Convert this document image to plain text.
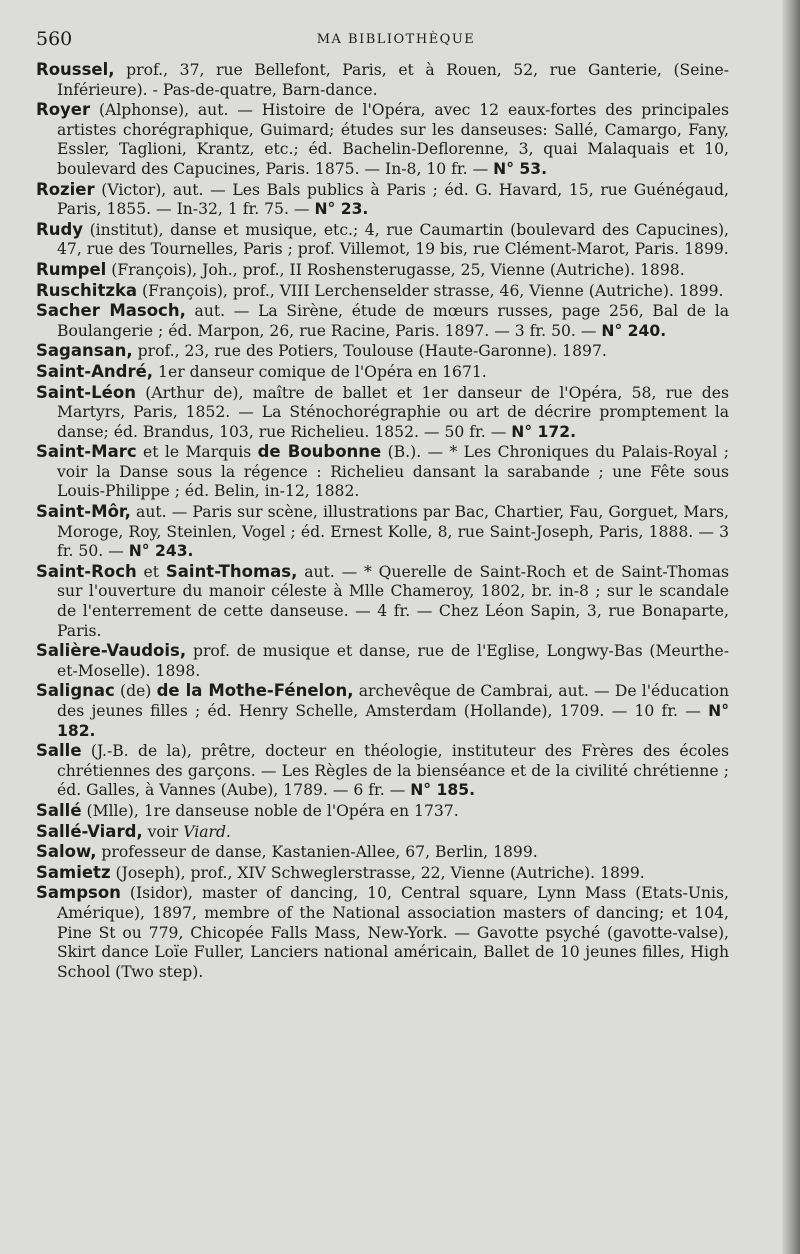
560	MA BIBLIOTHÈQUE

Roussel, prof., 37, rue Bellefont, Paris, et à Rouen, 52, rue Ganterie, (Seine-Inférieure). - Pas-de-quatre, Barn-dance.

Royer (Alphonse), aut. — Histoire de l'Opéra, avec 12 eaux-fortes des principales artistes chorégraphique, Guimard; études sur les danseuses: Sallé, Camargo, Fany, Essler, Taglioni, Krantz, etc.; éd. Bachelin-Deflorenne, 3, quai Malaquais et 10, boulevard des Capucines, Paris. 1875. — In-8, 10 fr. — N° 53.

Rozier (Victor), aut. — Les Bals publics à Paris ; éd. G. Havard, 15, rue Guénégaud, Paris, 1855. — In-32, 1 fr. 75. — N° 23.

Rudy (institut), danse et musique, etc.; 4, rue Caumartin (boulevard des Capucines), 47, rue des Tournelles, Paris ; prof. Villemot, 19 bis, rue Clément-Marot, Paris. 1899.

Rumpel (François), Joh., prof., II Roshensterugasse, 25, Vienne (Autriche). 1898.

Ruschitzka (François), prof., VIII Lerchenselder strasse, 46, Vienne (Autriche). 1899.

Sacher Masoch, aut. — La Sirène, étude de mœurs russes, page 256, Bal de la Boulangerie ; éd. Marpon, 26, rue Racine, Paris. 1897. — 3 fr. 50. — N° 240.

Sagansan, prof., 23, rue des Potiers, Toulouse (Haute-Garonne). 1897.

Saint-André, 1er danseur comique de l'Opéra en 1671.

Saint-Léon (Arthur de), maître de ballet et 1er danseur de l'Opéra, 58, rue des Martyrs, Paris, 1852. — La Sténochorégraphie ou art de décrire promptement la danse; éd. Brandus, 103, rue Richelieu. 1852. — 50 fr. — N° 172.

Saint-Marc et le Marquis de Boubonne (B.). — * Les Chroniques du Palais-Royal ; voir la Danse sous la régence : Richelieu dansant la sarabande ; une Fête sous Louis-Philippe ; éd. Belin, in-12, 1882.

Saint-Môr, aut. — Paris sur scène, illustrations par Bac, Chartier, Fau, Gorguet, Mars, Moroge, Roy, Steinlen, Vogel ; éd. Ernest Kolle, 8, rue Saint-Joseph, Paris, 1888. — 3 fr. 50. — N° 243.

Saint-Roch et Saint-Thomas, aut. — * Querelle de Saint-Roch et de Saint-Thomas sur l'ouverture du manoir céleste à Mlle Chameroy, 1802, br. in-8 ; sur le scandale de l'enterrement de cette danseuse. — 4 fr. — Chez Léon Sapin, 3, rue Bonaparte, Paris.

Salière-Vaudois, prof. de musique et danse, rue de l'Eglise, Longwy-Bas (Meurthe-et-Moselle). 1898.

Salignac (de) de la Mothe-Fénelon, archevêque de Cambrai, aut. — De l'éducation des jeunes filles ; éd. Henry Schelle, Amsterdam (Hollande), 1709. — 10 fr. — N° 182.

Salle (J.-B. de la), prêtre, docteur en théologie, instituteur des Frères des écoles chrétiennes des garçons. — Les Règles de la bienséance et de la civilité chrétienne ; éd. Galles, à Vannes (Aube), 1789. — 6 fr. — N° 185.

Sallé (Mlle), 1re danseuse noble de l'Opéra en 1737.

Sallé-Viard, voir Viard.

Salow, professeur de danse, Kastanien-Allee, 67, Berlin, 1899.

Samietz (Joseph), prof., XIV Schweglerstrasse, 22, Vienne (Autriche). 1899.

Sampson (Isidor), master of dancing, 10, Central square, Lynn Mass (Etats-Unis, Amérique), 1897, membre of the National association masters of dancing; et 104, Pine St ou 779, Chicopée Falls Mass, New-York. — Gavotte psyché (gavotte-valse), Skirt dance Loïe Fuller, Lanciers national américain, Ballet de 10 jeunes filles, High School (Two step).
